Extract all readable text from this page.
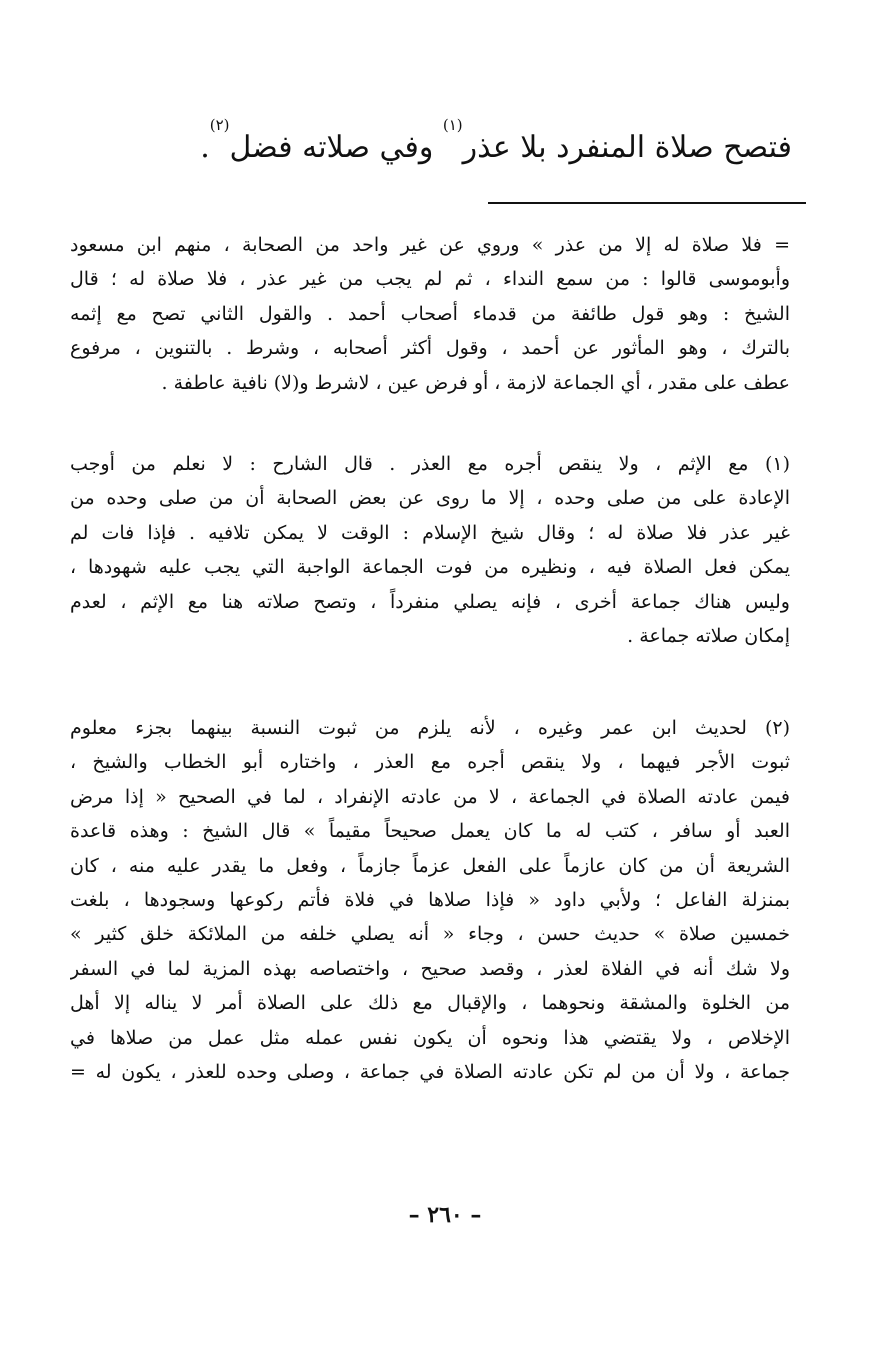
فتصح صلاة المنفرد بلا عذر$^{(١)}$ وفي صلاته فضل$^{(٢)}$.
= فلا صلاة له إلا من عذر » وروي عن غير واحد من الصحابة ، منهم ابن مسعود
وأبوموسى قالوا : من سمع النداء ، ثم لم يجب من غير عذر ، فلا صلاة له ؛ قال
الشيخ : وهو قول طائفة من قدماء أصحاب أحمد . والقول الثاني تصح مع إثمه
بالترك ، وهو المأثور عن أحمد ، وقول أكثر أصحابه ، وشرط . بالتنوين ، مرفوع
عطف على مقدر ، أي الجماعة لازمة ، أو فرض عين ، لاشرط و(لا) نافية عاطفة .
(١) مع الإثم ، ولا ينقص أجره مع العذر . قال الشارح : لا نعلم من أوجب
الإعادة على من صلى وحده ، إلا ما روى عن بعض الصحابة أن من صلى وحده من
غير عذر فلا صلاة له ؛ وقال شيخ الإسلام : الوقت لا يمكن تلافيه . فإذا فات لم
يمكن فعل الصلاة فيه ، ونظيره من فوت الجماعة الواجبة التي يجب عليه شهودها ،
وليس هناك جماعة أخرى ، فإنه يصلي منفرداً ، وتصح صلاته هنا مع الإثم ، لعدم
إمكان صلاته جماعة .
(٢) لحديث ابن عمر وغيره ، لأنه يلزم من ثبوت النسبة بينهما بجزء معلوم
ثبوت الأجر فيهما ، ولا ينقص أجره مع العذر ، واختاره أبو الخطاب والشيخ ،
فيمن عادته الصلاة في الجماعة ، لا من عادته الإنفراد ، لما في الصحيح « إذا مرض
العبد أو سافر ، كتب له ما كان يعمل صحيحاً مقيماً » قال الشيخ : وهذه قاعدة
الشريعة أن من كان عازماً على الفعل عزماً جازماً ، وفعل ما يقدر عليه منه ، كان
بمنزلة الفاعل ؛ ولأبي داود « فإذا صلاها في فلاة فأتم ركوعها وسجودها ، بلغت
خمسين صلاة » حديث حسن ، وجاء « أنه يصلي خلفه من الملائكة خلق كثير »
ولا شك أنه في الفلاة لعذر ، وقصد صحيح ، واختصاصه بهذه المزية لما في السفر
من الخلوة والمشقة ونحوهما ، والإقبال مع ذلك على الصلاة أمر لا يناله إلا أهل
الإخلاص ، ولا يقتضي هذا ونحوه أن يكون نفس عمله مثل عمل من صلاها في
جماعة ، ولا أن من لم تكن عادته الصلاة في جماعة ، وصلى وحده للعذر ، يكون له =
– ٢٦٠ –
